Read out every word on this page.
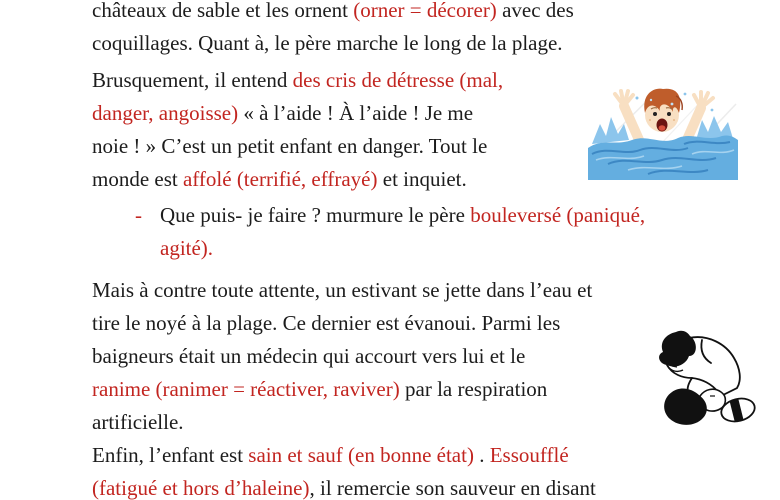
châteaux de sable et les ornent (orner = décorer) avec des
coquillages. Quant à, le père marche le long de la plage.
Brusquement, il entend des cris de détresse (mal,
danger, angoisse) « à l’aide ! À l’aide ! Je me
noie ! » C’est un petit enfant en danger. Tout le
monde est affolé (terrifié, effrayé) et inquiet.
- Que puis- je faire ? murmure le père bouleversé (paniqué,
agité).
Mais à contre toute attente, un estivant se jette dans l’eau et
tire le noyé à la plage. Ce dernier est évanoui. Parmi les
baigneurs était un médecin qui accourt vers lui et le
ranime (ranimer = réactiver, raviver) par la respiration
artificielle.
Enfin, l’enfant est sain et sauf (en bonne état) . Essoufflé
(fatigué et hors d’haleine), il remercie son sauveur en disant
